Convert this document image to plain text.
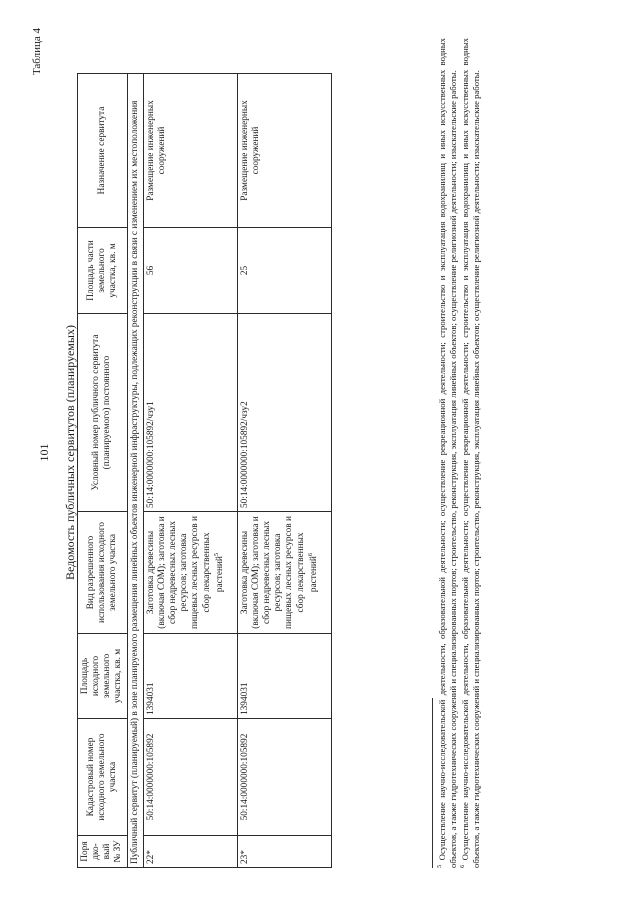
101
Таблица 4
Ведомость публичных сервитутов (планируемых)
Порядко-вый № ЗУ	Кадастровый номер исходного земельного участка	Площадь исходного земельного участка, кв. м	Вид разрешенного использования исходного земельного участка	Условный номер публичного сервитута (планируемого) постоянного	Площадь части земельного участка, кв. м	Назначение сервитута
Публичный сервитут (планируемый) в зоне планируемого размещения линейных объектов инженерной инфраструктуры, подлежащих реконструкции в связи с изменением их местоположения						
22*	50:14:0000000:105892	1394031	Заготовка древесины (включая СОМ); заготовка и сбор недревесных лесных ресурсов; заготовка пищевых лесных ресурсов и сбор лекарственных растений$^5$	50:14:0000000:105892/чзу1	56	Размещение инженерных сооружений
23*	50:14:0000000:105892	1394031	Заготовка древесины (включая СОМ); заготовка и сбор недревесных лесных ресурсов; заготовка пищевых лесных ресурсов и сбор лекарственных растений$^6$	50:14:0000000:105892/чзу2	25	Размещение инженерных сооружений

$^5$ Осуществление научно-исследовательской деятельности, образовательной деятельности; осуществление рекреационной деятельности; строительство и эксплуатация водохранилищ и иных искусственных водных объектов, а также гидротехнических сооружений и специализированных портов; строительство, реконструкция, эксплуатация линейных объектов; осуществление религиозной деятельности; изыскательские работы. $^6$ Осуществление научно-исследовательской деятельности, образовательной деятельности; осуществление рекреационной деятельности; строительство и эксплуатация водохранилищ и иных искусственных водных объектов, а также гидротехнических сооружений и специализированных портов; строительство, реконструкция, эксплуатация линейных объектов; осуществление религиозной деятельности; изыскательские работы.
